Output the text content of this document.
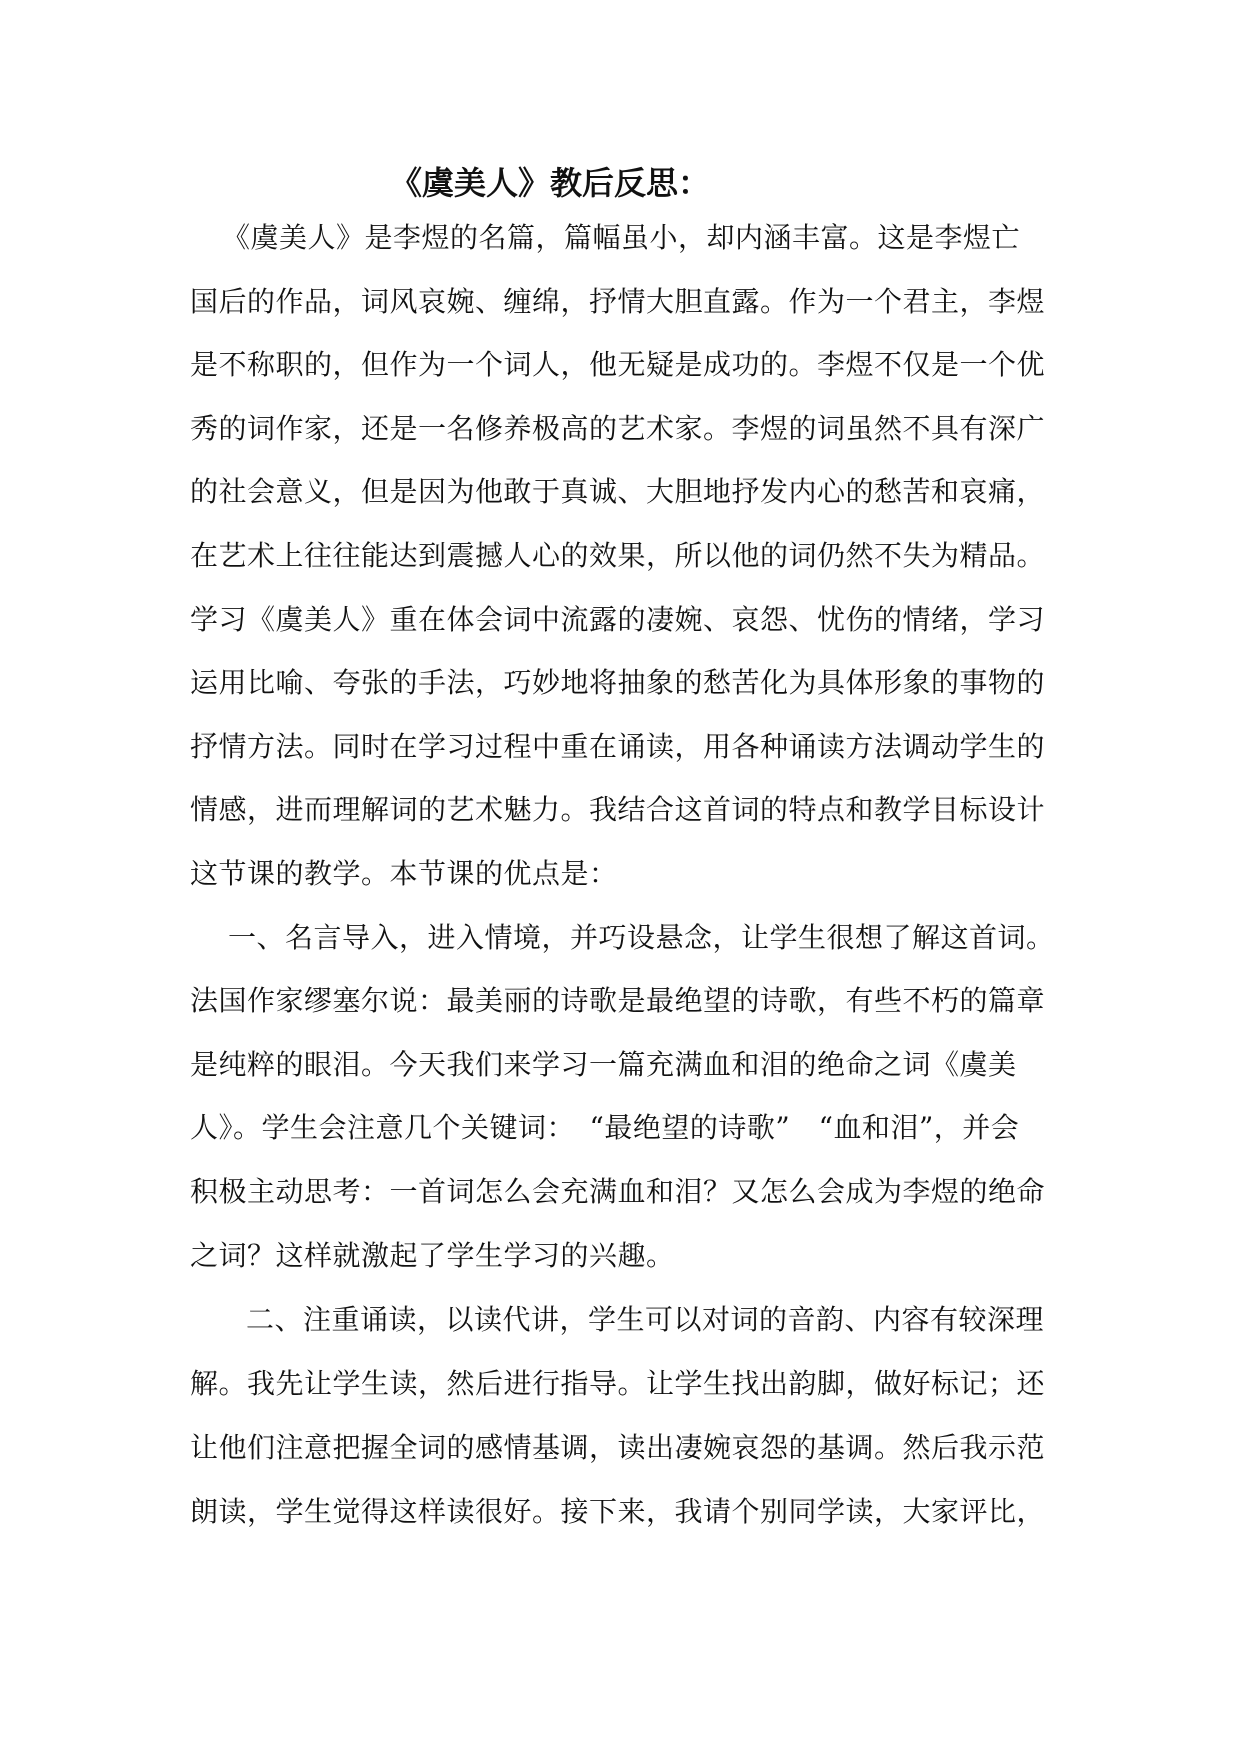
《虞美人》教后反思：
《虞美人》是李煜的名篇，篇幅虽小，却内涵丰富。这是李煜亡
国后的作品，词风哀婉、缠绵，抒情大胆直露。作为一个君主，李煜
是不称职的，但作为一个词人，他无疑是成功的。李煜不仅是一个优
秀的词作家，还是一名修养极高的艺术家。李煜的词虽然不具有深广
的社会意义，但是因为他敢于真诚、大胆地抒发内心的愁苦和哀痛，
在艺术上往往能达到震撼人心的效果，所以他的词仍然不失为精品。
学习《虞美人》重在体会词中流露的凄婉、哀怨、忧伤的情绪，学习
运用比喻、夸张的手法，巧妙地将抽象的愁苦化为具体形象的事物的
抒情方法。同时在学习过程中重在诵读，用各种诵读方法调动学生的
情感，进而理解词的艺术魅力。我结合这首词的特点和教学目标设计
这节课的教学。本节课的优点是：
一、名言导入，进入情境，并巧设悬念，让学生很想了解这首词。
法国作家缪塞尔说：最美丽的诗歌是最绝望的诗歌，有些不朽的篇章
是纯粹的眼泪。今天我们来学习一篇充满血和泪的绝命之词《虞美
人》。学生会注意几个关键词：　“最绝望的诗歌”　“血和泪”，并会
积极主动思考：一首词怎么会充满血和泪？又怎么会成为李煜的绝命
之词？这样就激起了学生学习的兴趣。
二、注重诵读，以读代讲，学生可以对词的音韵、内容有较深理
解。我先让学生读，然后进行指导。让学生找出韵脚，做好标记；还
让他们注意把握全词的感情基调，读出凄婉哀怨的基调。然后我示范
朗读，学生觉得这样读很好。接下来，我请个别同学读，大家评比，
